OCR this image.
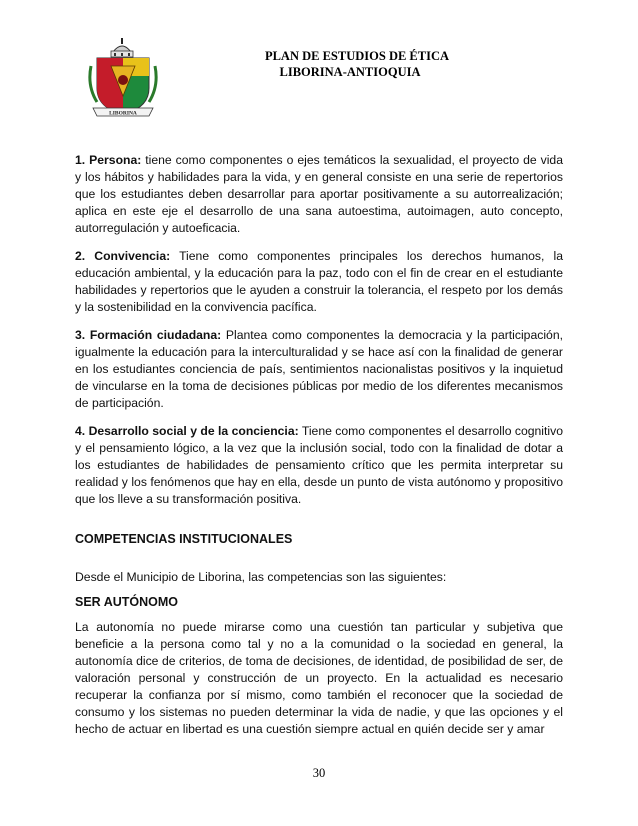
LIBORINA
PLAN DE ESTUDIOS DE ÉTICA
LIBORINA-ANTIOQUIA

1. Persona: tiene como componentes o ejes temáticos la sexualidad, el proyecto de vida y los hábitos y habilidades para la vida, y en general consiste en una serie de repertorios que los estudiantes deben desarrollar para aportar positivamente a su autorrealización; aplica en este eje el desarrollo de una sana autoestima, autoimagen, auto concepto, autorregulación y autoeficacia.

2. Convivencia: Tiene como componentes principales los derechos humanos, la educación ambiental, y la educación para la paz, todo con el fin de crear en el estudiante habilidades y repertorios que le ayuden a construir la tolerancia, el respeto por los demás y la sostenibilidad en la convivencia pacífica.

3. Formación ciudadana: Plantea como componentes la democracia y la participación, igualmente la educación para la interculturalidad y se hace así con la finalidad de generar en los estudiantes conciencia de país, sentimientos nacionalistas positivos y la inquietud de vincularse en la toma de decisiones públicas por medio de los diferentes mecanismos de participación.

4. Desarrollo social y de la conciencia: Tiene como componentes el desarrollo cognitivo y el pensamiento lógico, a la vez que la inclusión social, todo con la finalidad de dotar a los estudiantes de habilidades de pensamiento crítico que les permita interpretar su realidad y los fenómenos que hay en ella, desde un punto de vista autónomo y propositivo que los lleve a su transformación positiva.

COMPETENCIAS INSTITUCIONALES

Desde el Municipio de Liborina, las competencias son las siguientes:

SER AUTÓNOMO

La autonomía no puede mirarse como una cuestión tan particular y subjetiva que beneficie a la persona como tal y no a la comunidad o la sociedad en general, la autonomía dice de criterios, de toma de decisiones, de identidad, de posibilidad de ser, de valoración personal y construcción de un proyecto. En la actualidad es necesario recuperar la confianza por sí mismo, como también el reconocer que la sociedad de consumo y los sistemas no pueden determinar la vida de nadie, y que las opciones y el hecho de actuar en libertad es una cuestión siempre actual en quién decide ser y amar

30
